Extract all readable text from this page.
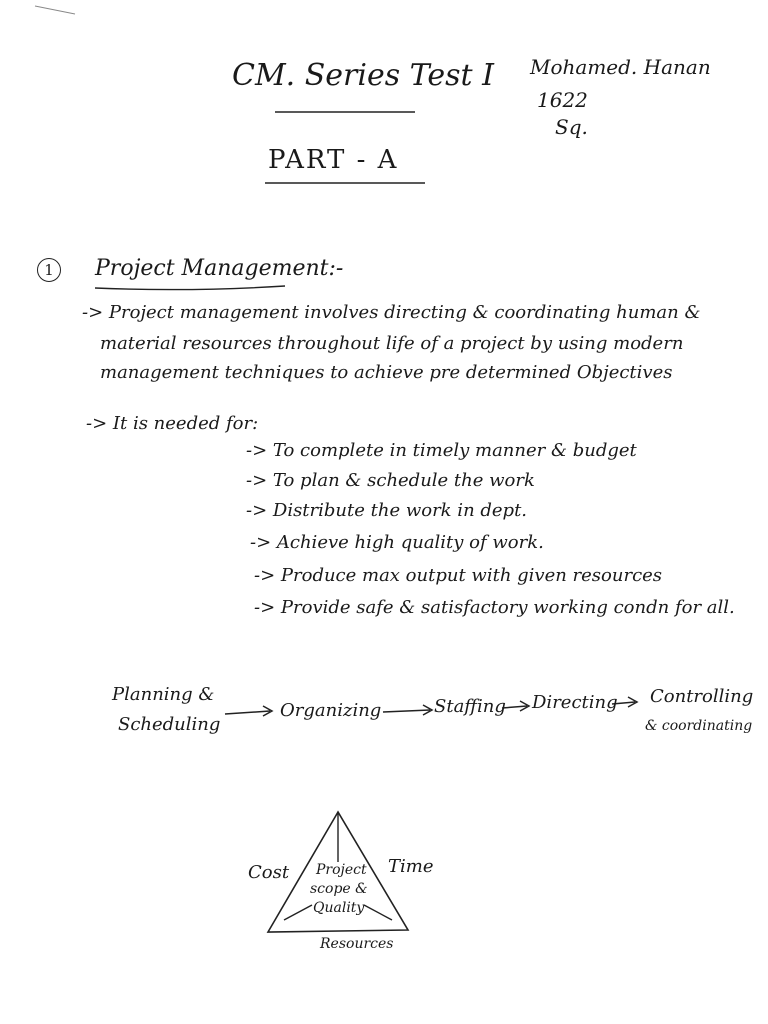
CM. Series Test I Mohamed. Hanan
1622
Sq.
PART - A
1	Project Management:-
-> Project management involves directing & coordinating human &
material resources throughout life of a project by using modern
management techniques to achieve pre determined Objectives
-> It is needed for:
-> To complete in timely manner & budget
-> To plan & schedule the work
-> Distribute the work in dept.
-> Achieve high quality of work.
-> Produce max output with given resources
-> Provide safe & satisfactory working condn for all.
Planning &
Scheduling
Organizing	Staffing Directing Controlling
& coordinating
Project
scope &
Quality
Cost	Time
Resources
